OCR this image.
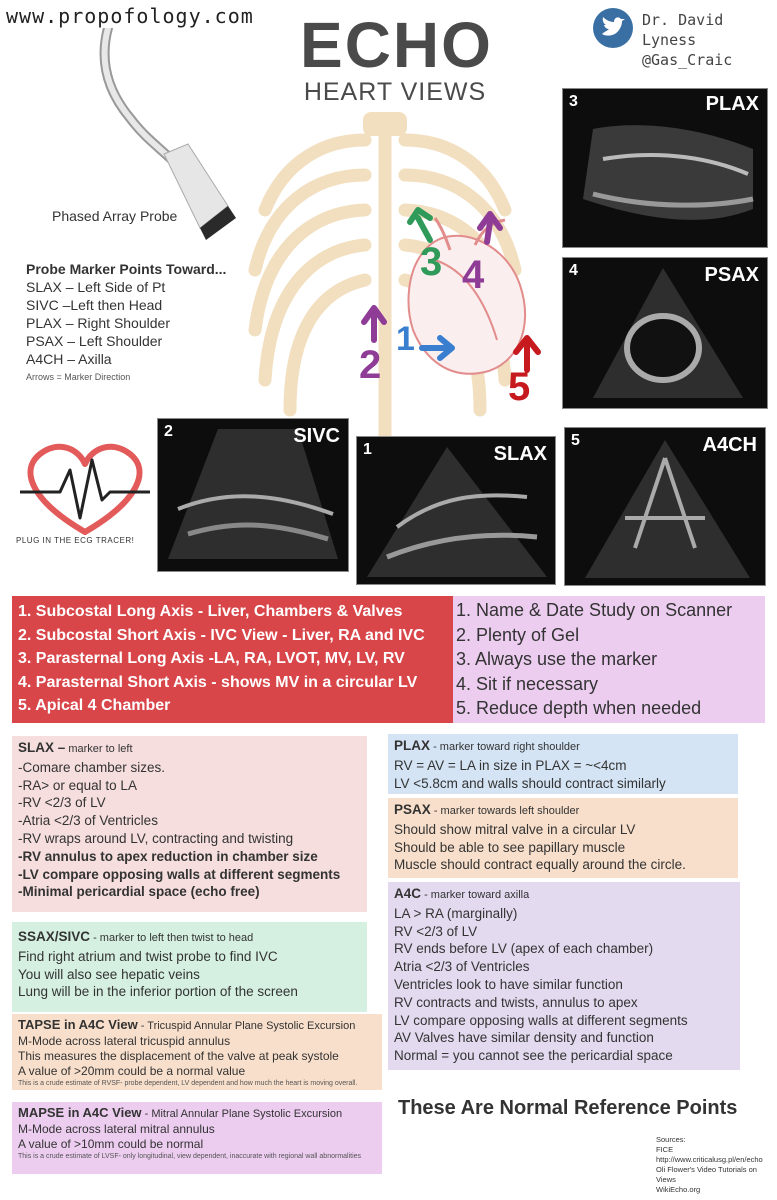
www.propofology.com ECHO
HEART VIEWS
Dr. David Lyness
@Gas_Craic
Phased Array Probe
Probe Marker Points Toward...
SLAX – Left Side of Pt
SIVC –Left then Head
PLAX – Right Shoulder
PSAX – Left Shoulder
A4CH – Axilla
Arrows = Marker Direction
3 4
2
1
5
3	PLAX
4	PSAX
2	SIVC
1	SLAX
5	A4CH
PLUG IN THE ECG TRACER!
1. Subcostal Long Axis - Liver, Chambers & Valves
2. Subcostal Short Axis - IVC View - Liver, RA and IVC
3. Parasternal Long Axis -LA, RA, LVOT, MV, LV, RV
4. Parasternal Short Axis - shows MV in a circular LV
5. Apical 4 Chamber
1. Name & Date Study on Scanner
2. Plenty of Gel
3. Always use the marker
4. Sit if necessary
5. Reduce depth when needed
SLAX – marker to left
-Comare chamber sizes.
-RA> or equal to LA
-RV <2/3 of LV
-Atria <2/3 of Ventricles
-RV wraps around LV, contracting and twisting
-RV annulus to apex reduction in chamber size
-LV compare opposing walls at different segments
-Minimal pericardial space (echo free)
SSAX/SIVC - marker to left then twist to head
Find right atrium and twist probe to find IVC
You will also see hepatic veins
Lung will be in the inferior portion of the screen
TAPSE in A4C View - Tricuspid Annular Plane Systolic Excursion
M-Mode across lateral tricuspid annulus
This measures the displacement of the valve at peak systole
A value of >20mm could be a normal value
This is a crude estimate of RVSF- probe dependent, LV dependent and how much the heart is moving overall.
MAPSE in A4C View - Mitral Annular Plane Systolic Excursion
M-Mode across lateral mitral annulus
A value of >10mm could be normal
This is a crude estimate of LVSF- only longitudinal, view dependent, inaccurate with regional wall abnormalities
PLAX - marker toward right shoulder
RV = AV = LA in size in PLAX = ~<4cm
LV <5.8cm and walls should contract similarly
PSAX - marker towards left shoulder
Should show mitral valve in a circular LV
Should be able to see papillary muscle
Muscle should contract equally around the circle.
A4C - marker toward axilla
LA > RA (marginally)
RV <2/3 of LV
RV ends before LV (apex of each chamber)
Atria <2/3 of Ventricles
Ventricles look to have similar function
RV contracts and twists, annulus to apex
LV compare opposing walls at different segments
AV Valves have similar density and function
Normal = you cannot see the pericardial space
These Are Normal Reference Points
Sources:
FICE
http://www.criticalusg.pl/en/echo
Oli Flower's Video Tutorials on Views
WikiEcho.org
